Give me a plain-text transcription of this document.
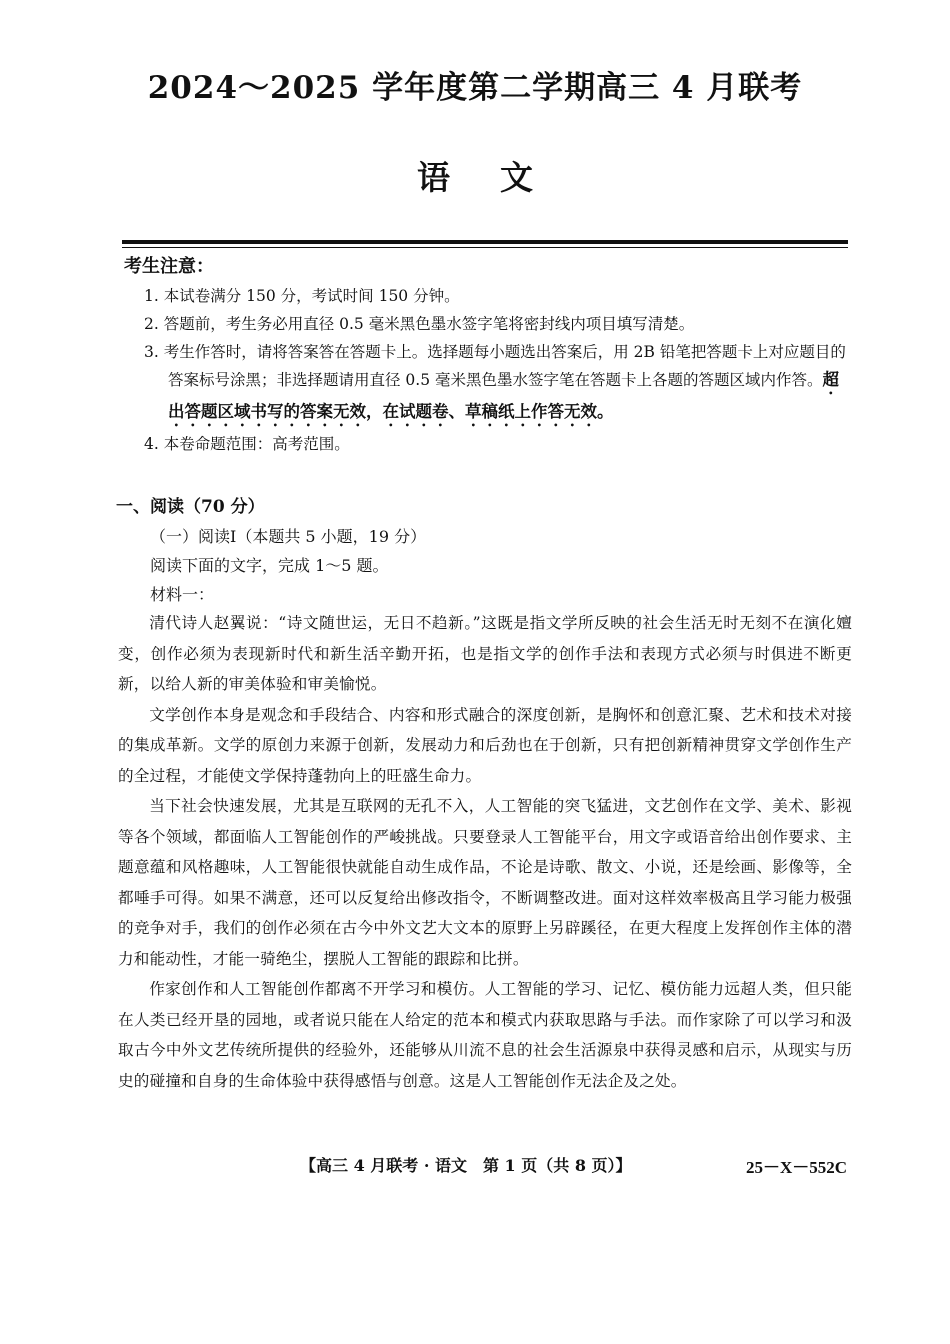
2024～2025 学年度第二学期高三 4 月联考
语文
考生注意：
1. 本试卷满分 150 分，考试时间 150 分钟。
2. 答题前，考生务必用直径 0.5 毫米黑色墨水签字笔将密封线内项目填写清楚。
3. 考生作答时，请将答案答在答题卡上。选择题每小题选出答案后，用 2B 铅笔把答题卡上对应题目的答案标号涂黑；非选择题请用直径 0.5 毫米黑色墨水签字笔在答题卡上各题的答题区域内作答。超出答题区域书写的答案无效，在试题卷、草稿纸上作答无效。
4. 本卷命题范围：高考范围。
一、阅读（70 分）
（一）阅读Ⅰ（本题共 5 小题，19 分）
阅读下面的文字，完成 1～5 题。
材料一：

清代诗人赵翼说：“诗文随世运，无日不趋新。”这既是指文学所反映的社会生活无时无刻不在演化嬗变，创作必须为表现新时代和新生活辛勤开拓，也是指文学的创作手法和表现方式必须与时俱进不断更新，以给人新的审美体验和审美愉悦。

文学创作本身是观念和手段结合、内容和形式融合的深度创新，是胸怀和创意汇聚、艺术和技术对接的集成革新。文学的原创力来源于创新，发展动力和后劲也在于创新，只有把创新精神贯穿文学创作生产的全过程，才能使文学保持蓬勃向上的旺盛生命力。

当下社会快速发展，尤其是互联网的无孔不入，人工智能的突飞猛进，文艺创作在文学、美术、影视等各个领域，都面临人工智能创作的严峻挑战。只要登录人工智能平台，用文字或语音给出创作要求、主题意蕴和风格趣味，人工智能很快就能自动生成作品，不论是诗歌、散文、小说，还是绘画、影像等，全都唾手可得。如果不满意，还可以反复给出修改指令，不断调整改进。面对这样效率极高且学习能力极强的竞争对手，我们的创作必须在古今中外文艺大文本的原野上另辟蹊径，在更大程度上发挥创作主体的潜力和能动性，才能一骑绝尘，摆脱人工智能的跟踪和比拼。

作家创作和人工智能创作都离不开学习和模仿。人工智能的学习、记忆、模仿能力远超人类，但只能在人类已经开垦的园地，或者说只能在人给定的范本和模式内获取思路与手法。而作家除了可以学习和汲取古今中外文艺传统所提供的经验外，还能够从川流不息的社会生活源泉中获得灵感和启示，从现实与历史的碰撞和自身的生命体验中获得感悟与创意。这是人工智能创作无法企及之处。

【高三 4 月联考 · 语文　第 1 页（共 8 页）】	25－X－552C
